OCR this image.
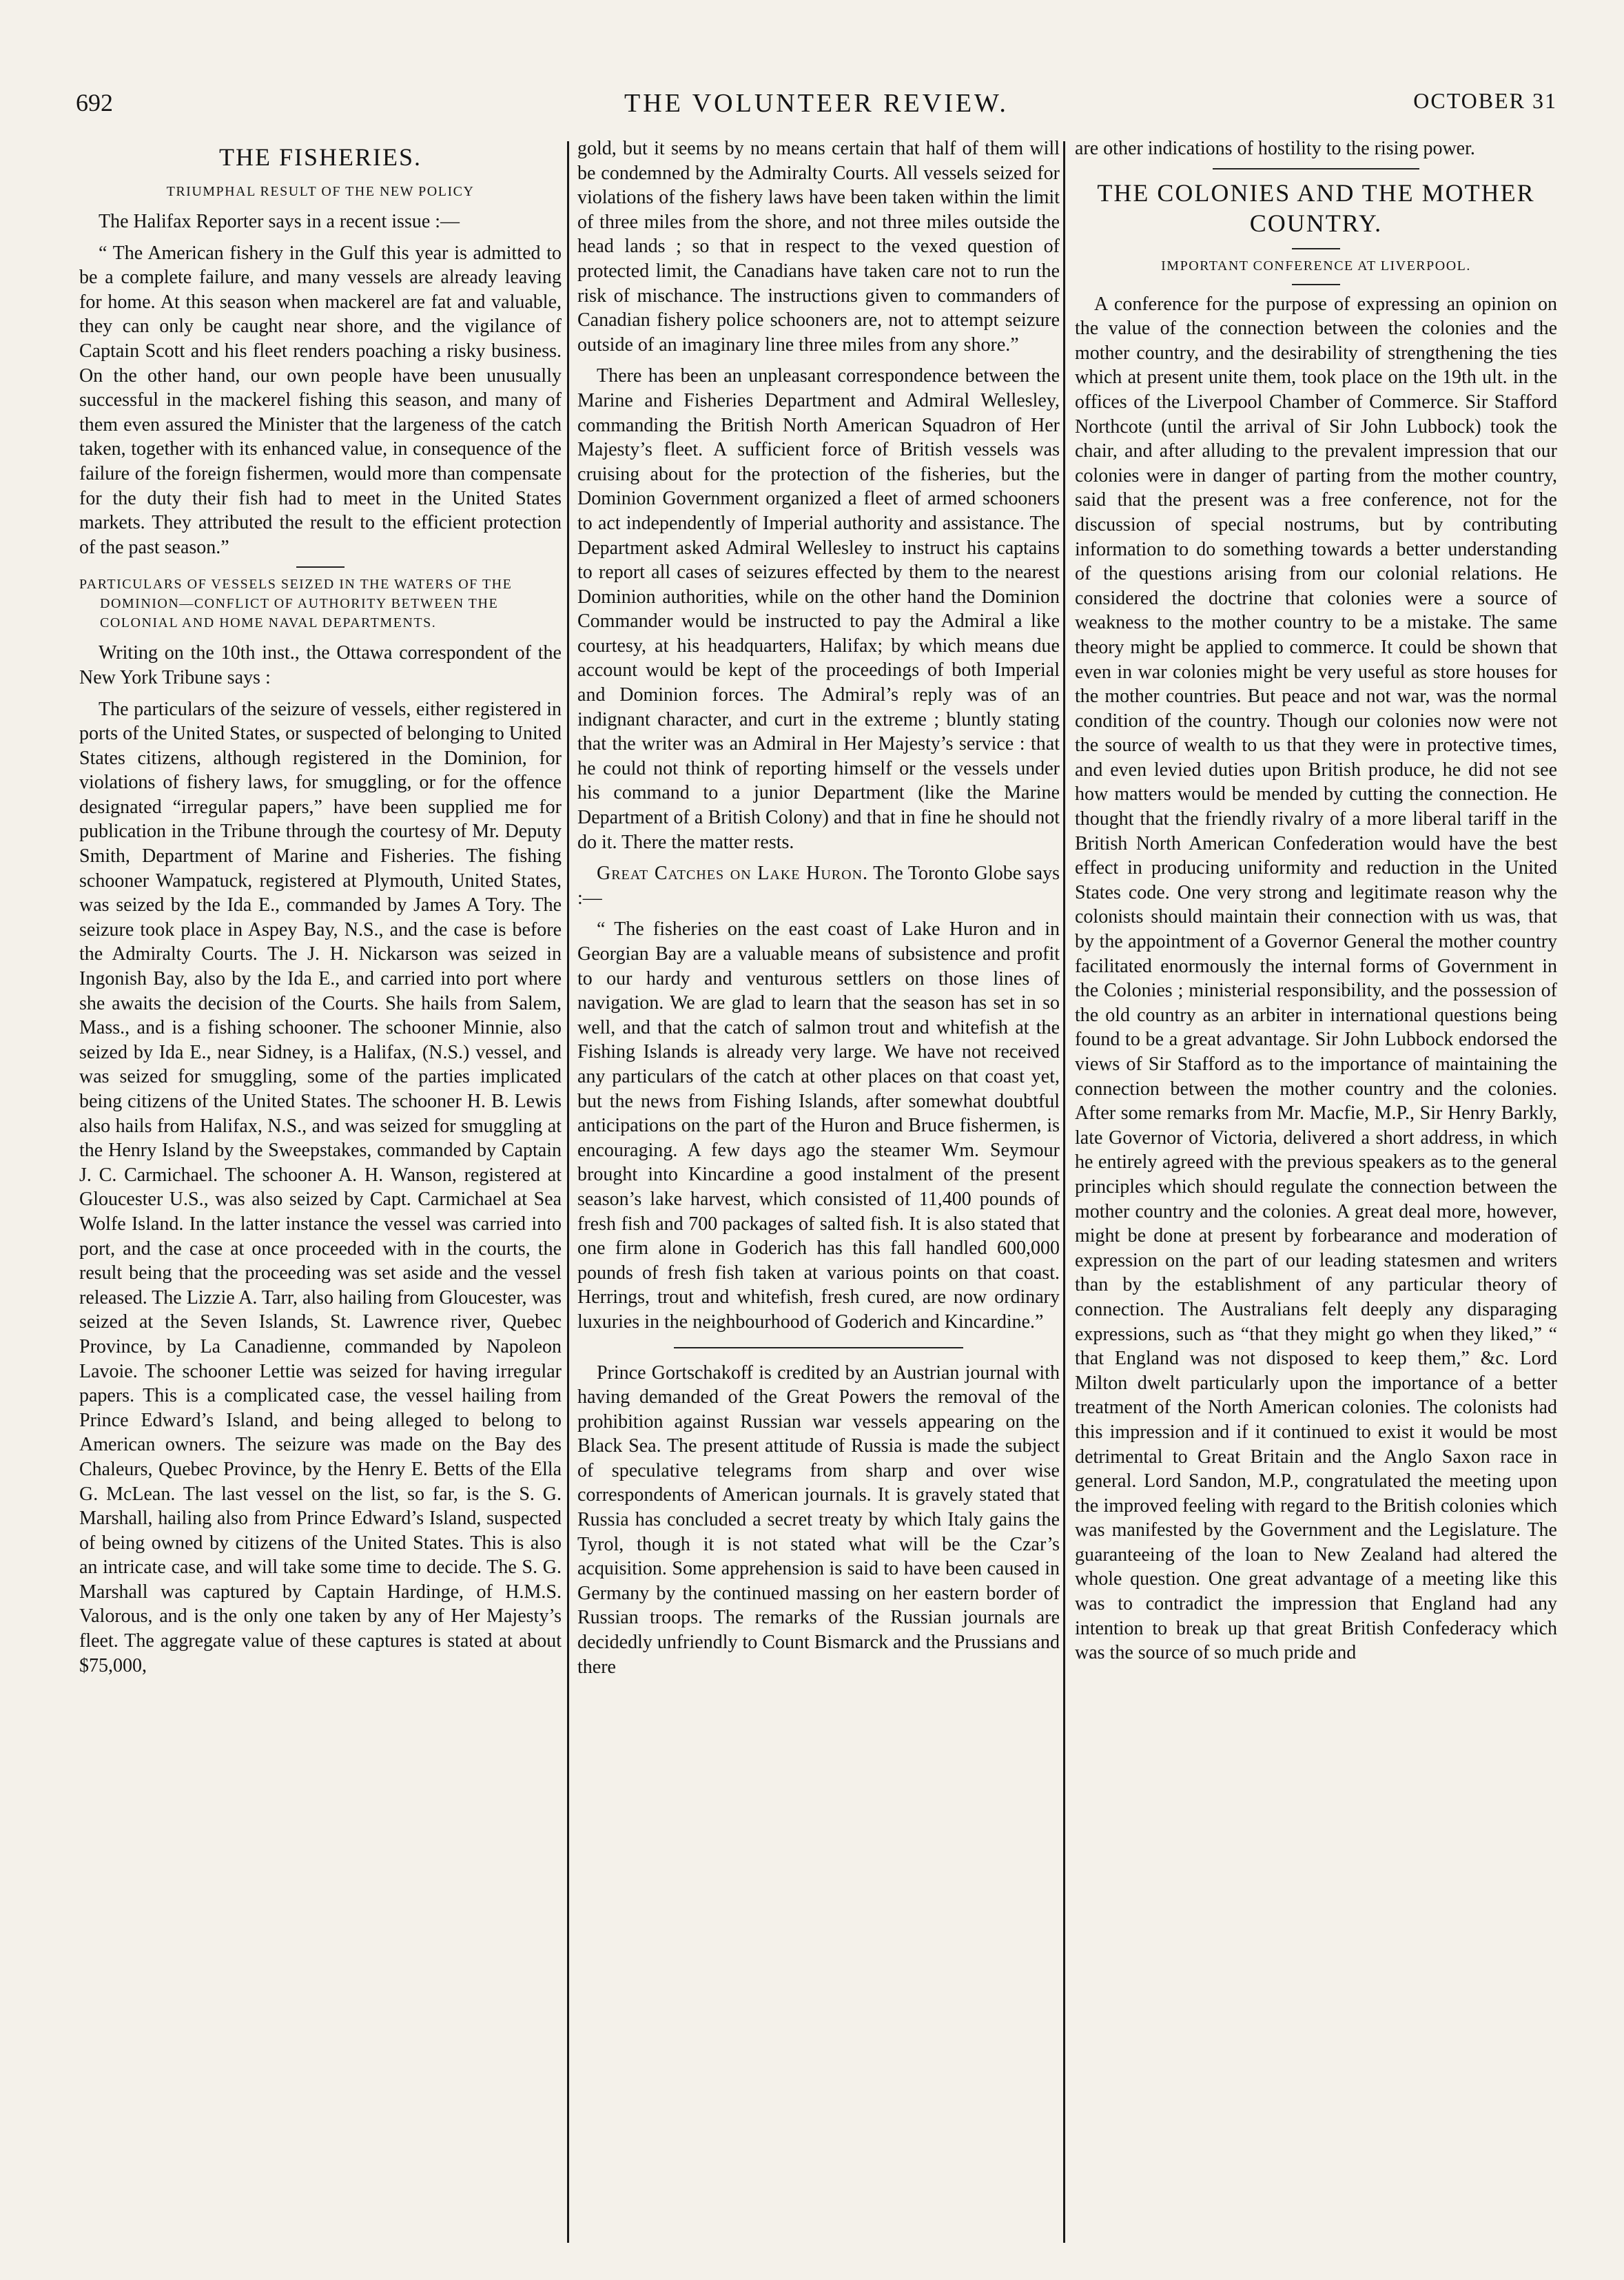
692	THE VOLUNTEER REVIEW.	OCTOBER 31
THE FISHERIES.
TRIUMPHAL RESULT OF THE NEW POLICY

The Halifax Reporter says in a recent issue :—

“ The American fishery in the Gulf this year is admitted to be a complete failure, and many vessels are already leaving for home. At this season when mackerel are fat and valuable, they can only be caught near shore, and the vigilance of Captain Scott and his fleet renders poaching a risky business. On the other hand, our own people have been unusually successful in the mackerel fishing this season, and many of them even assured the Minister that the largeness of the catch taken, together with its enhanced value, in consequence of the failure of the foreign fishermen, would more than compensate for the duty their fish had to meet in the United States markets. They attributed the result to the efficient protection of the past season.”

PARTICULARS OF VESSELS SEIZED IN THE WATERS OF THE DOMINION—CONFLICT OF AUTHORITY BETWEEN THE COLONIAL AND HOME NAVAL DEPARTMENTS.

Writing on the 10th inst., the Ottawa correspondent of the New York Tribune says :

The particulars of the seizure of vessels, either registered in ports of the United States, or suspected of belonging to United States citizens, although registered in the Dominion, for violations of fishery laws, for smuggling, or for the offence designated “irregular papers,” have been supplied me for publication in the Tribune through the courtesy of Mr. Deputy Smith, Department of Marine and Fisheries. The fishing schooner Wampatuck, registered at Plymouth, United States, was seized by the Ida E., commanded by James A Tory. The seizure took place in Aspey Bay, N.S., and the case is before the Admiralty Courts. The J. H. Nickarson was seized in Ingonish Bay, also by the Ida E., and carried into port where she awaits the decision of the Courts. She hails from Salem, Mass., and is a fishing schooner. The schooner Minnie, also seized by Ida E., near Sidney, is a Halifax, (N.S.) vessel, and was seized for smuggling, some of the parties implicated being citizens of the United States. The schooner H. B. Lewis also hails from Halifax, N.S., and was seized for smuggling at the Henry Island by the Sweepstakes, commanded by Captain J. C. Carmichael. The schooner A. H. Wanson, registered at Gloucester U.S., was also seized by Capt. Carmichael at Sea Wolfe Island. In the latter instance the vessel was carried into port, and the case at once proceeded with in the courts, the result being that the proceeding was set aside and the vessel released. The Lizzie A. Tarr, also hailing from Gloucester, was seized at the Seven Islands, St. Lawrence river, Quebec Province, by La Canadienne, commanded by Napoleon Lavoie. The schooner Lettie was seized for having irregular papers. This is a complicated case, the vessel hailing from Prince Edward’s Island, and being alleged to belong to American owners. The seizure was made on the Bay des Chaleurs, Quebec Province, by the Henry E. Betts of the Ella G. McLean. The last vessel on the list, so far, is the S. G. Marshall, hailing also from Prince Edward’s Island, suspected of being owned by citizens of the United States. This is also an intricate case, and will take some time to decide. The S. G. Marshall was captured by Captain Hardinge, of H.M.S. Valorous, and is the only one taken by any of Her Majesty’s fleet. The aggregate value of these captures is stated at about $75,000,

gold, but it seems by no means certain that half of them will be condemned by the Admiralty Courts. All vessels seized for violations of the fishery laws have been taken within the limit of three miles from the shore, and not three miles outside the head lands ; so that in respect to the vexed question of protected limit, the Canadians have taken care not to run the risk of mischance. The instructions given to commanders of Canadian fishery police schooners are, not to attempt seizure outside of an imaginary line three miles from any shore.”

There has been an unpleasant correspondence between the Marine and Fisheries Department and Admiral Wellesley, commanding the British North American Squadron of Her Majesty’s fleet. A sufficient force of British vessels was cruising about for the protection of the fisheries, but the Dominion Government organized a fleet of armed schooners to act independently of Imperial authority and assistance. The Department asked Admiral Wellesley to instruct his captains to report all cases of seizures effected by them to the nearest Dominion authorities, while on the other hand the Dominion Commander would be instructed to pay the Admiral a like courtesy, at his headquarters, Halifax; by which means due account would be kept of the proceedings of both Imperial and Dominion forces. The Admiral’s reply was of an indignant character, and curt in the extreme ; bluntly stating that the writer was an Admiral in Her Majesty’s service : that he could not think of reporting himself or the vessels under his command to a junior Department (like the Marine Department of a British Colony) and that in fine he should not do it. There the matter rests.

Great Catches on Lake Huron. The Toronto Globe says :—

“ The fisheries on the east coast of Lake Huron and in Georgian Bay are a valuable means of subsistence and profit to our hardy and venturous settlers on those lines of navigation. We are glad to learn that the season has set in so well, and that the catch of salmon trout and whitefish at the Fishing Islands is already very large. We have not received any particulars of the catch at other places on that coast yet, but the news from Fishing Islands, after somewhat doubtful anticipations on the part of the Huron and Bruce fishermen, is encouraging. A few days ago the steamer Wm. Seymour brought into Kincardine a good instalment of the present season’s lake harvest, which consisted of 11,400 pounds of fresh fish and 700 packages of salted fish. It is also stated that one firm alone in Goderich has this fall handled 600,000 pounds of fresh fish taken at various points on that coast. Herrings, trout and whitefish, fresh cured, are now ordinary luxuries in the neighbourhood of Goderich and Kincardine.”

Prince Gortschakoff is credited by an Austrian journal with having demanded of the Great Powers the removal of the prohibition against Russian war vessels appearing on the Black Sea. The present attitude of Russia is made the subject of speculative telegrams from sharp and over wise correspondents of American journals. It is gravely stated that Russia has concluded a secret treaty by which Italy gains the Tyrol, though it is not stated what will be the Czar’s acquisition. Some apprehension is said to have been caused in Germany by the continued massing on her eastern border of Russian troops. The remarks of the Russian journals are decidedly unfriendly to Count Bismarck and the Prussians and there

are other indications of hostility to the rising power.

THE COLONIES AND THE MOTHER COUNTRY.
IMPORTANT CONFERENCE AT LIVERPOOL.

A conference for the purpose of expressing an opinion on the value of the connection between the colonies and the mother country, and the desirability of strengthening the ties which at present unite them, took place on the 19th ult. in the offices of the Liverpool Chamber of Commerce. Sir Stafford Northcote (until the arrival of Sir John Lubbock) took the chair, and after alluding to the prevalent impression that our colonies were in danger of parting from the mother country, said that the present was a free conference, not for the discussion of special nostrums, but by contributing information to do something towards a better understanding of the questions arising from our colonial relations. He considered the doctrine that colonies were a source of weakness to the mother country to be a mistake. The same theory might be applied to commerce. It could be shown that even in war colonies might be very useful as store houses for the mother countries. But peace and not war, was the normal condition of the country. Though our colonies now were not the source of wealth to us that they were in protective times, and even levied duties upon British produce, he did not see how matters would be mended by cutting the connection. He thought that the friendly rivalry of a more liberal tariff in the British North American Confederation would have the best effect in producing uniformity and reduction in the United States code. One very strong and legitimate reason why the colonists should maintain their connection with us was, that by the appointment of a Governor General the mother country facilitated enormously the internal forms of Government in the Colonies ; ministerial responsibility, and the possession of the old country as an arbiter in international questions being found to be a great advantage. Sir John Lubbock endorsed the views of Sir Stafford as to the importance of maintaining the connection between the mother country and the colonies. After some remarks from Mr. Macfie, M.P., Sir Henry Barkly, late Governor of Victoria, delivered a short address, in which he entirely agreed with the previous speakers as to the general principles which should regulate the connection between the mother country and the colonies. A great deal more, however, might be done at present by forbearance and moderation of expression on the part of our leading statesmen and writers than by the establishment of any particular theory of connection. The Australians felt deeply any disparaging expressions, such as “that they might go when they liked,” “ that England was not disposed to keep them,” &c. Lord Milton dwelt particularly upon the importance of a better treatment of the North American colonies. The colonists had this impression and if it continued to exist it would be most detrimental to Great Britain and the Anglo Saxon race in general. Lord Sandon, M.P., congratulated the meeting upon the improved feeling with regard to the British colonies which was manifested by the Government and the Legislature. The guaranteeing of the loan to New Zealand had altered the whole question. One great advantage of a meeting like this was to contradict the impression that England had any intention to break up that great British Confederacy which was the source of so much pride and
